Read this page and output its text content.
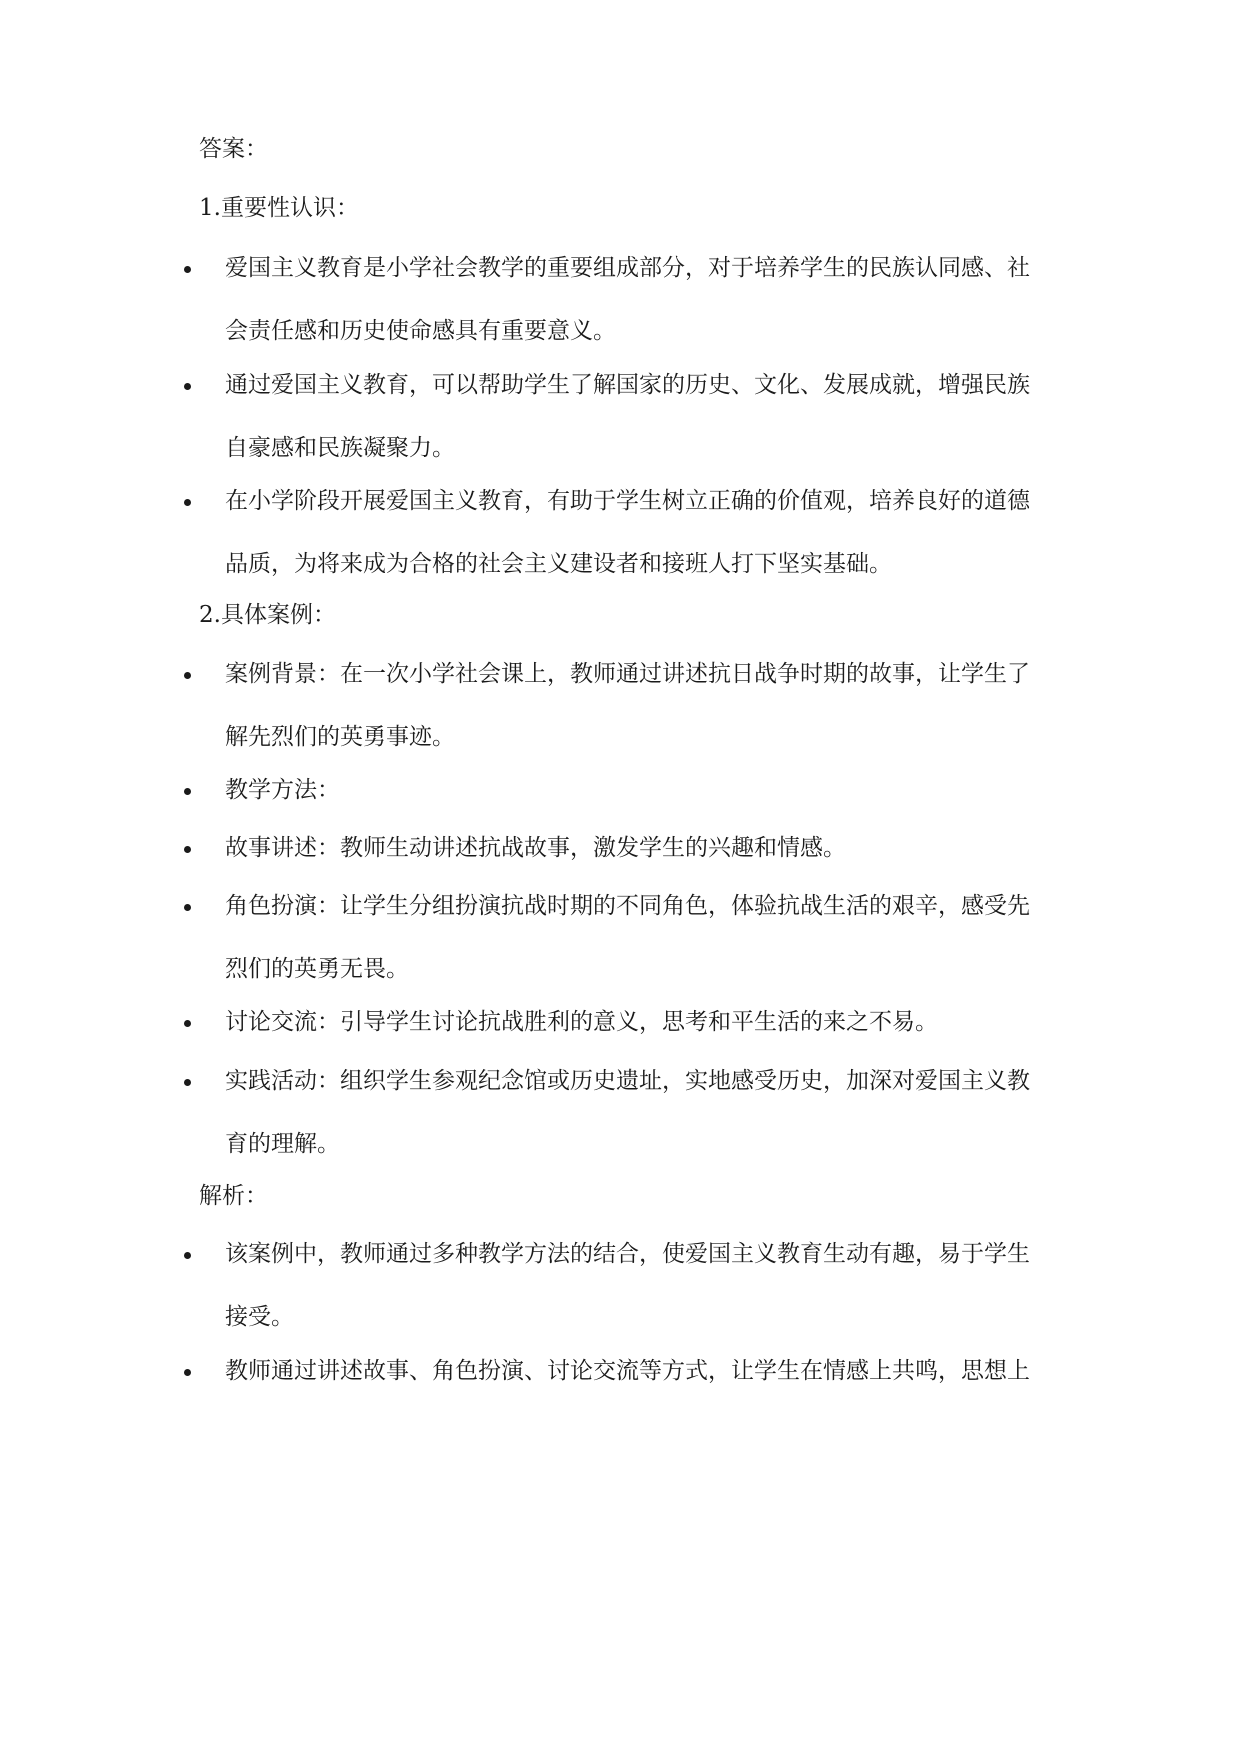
答案：
1.重要性认识：
爱国主义教育是小学社会教学的重要组成部分，对于培养学生的民族认同感、社
会责任感和历史使命感具有重要意义。
通过爱国主义教育，可以帮助学生了解国家的历史、文化、发展成就，增强民族
自豪感和民族凝聚力。
在小学阶段开展爱国主义教育，有助于学生树立正确的价值观，培养良好的道德
品质，为将来成为合格的社会主义建设者和接班人打下坚实基础。
2.具体案例：
案例背景：在一次小学社会课上，教师通过讲述抗日战争时期的故事，让学生了
解先烈们的英勇事迹。
教学方法：
故事讲述：教师生动讲述抗战故事，激发学生的兴趣和情感。
角色扮演：让学生分组扮演抗战时期的不同角色，体验抗战生活的艰辛，感受先
烈们的英勇无畏。
讨论交流：引导学生讨论抗战胜利的意义，思考和平生活的来之不易。
实践活动：组织学生参观纪念馆或历史遗址，实地感受历史，加深对爱国主义教
育的理解。
解析：
该案例中，教师通过多种教学方法的结合，使爱国主义教育生动有趣，易于学生
接受。
教师通过讲述故事、角色扮演、讨论交流等方式，让学生在情感上共鸣，思想上
